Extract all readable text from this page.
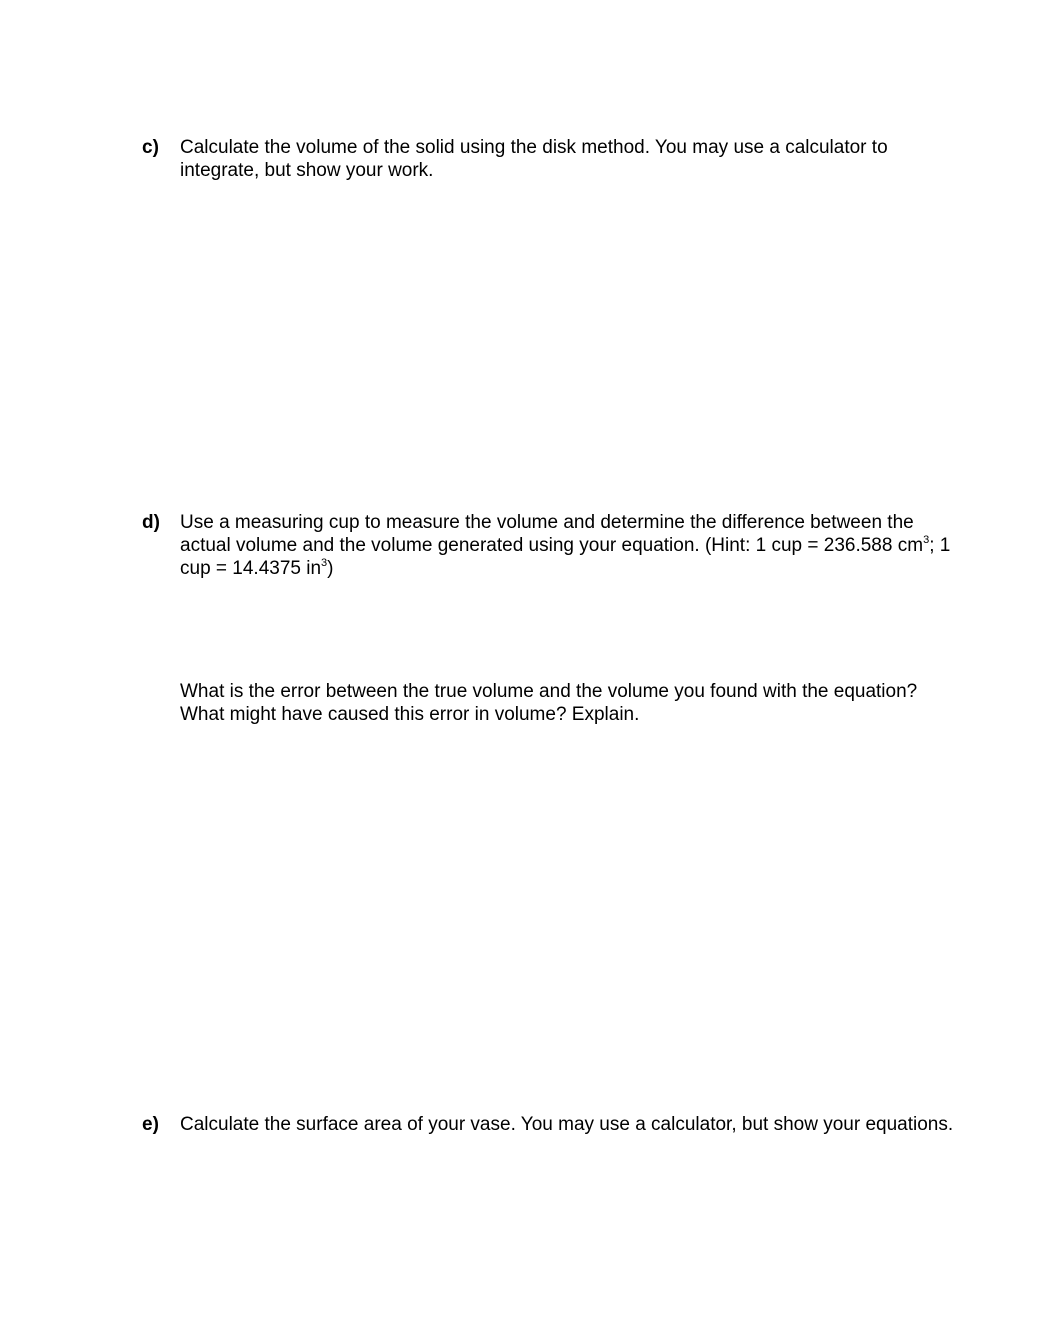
c) Calculate the volume of the solid using the disk method. You may use a calculator to
integrate, but show your work.
d) Use a measuring cup to measure the volume and determine the difference between the
actual volume and the volume generated using your equation. (Hint: 1 cup = 236.588 $cm^3$; 1
cup = 14.4375 $in^3$)
What is the error between the true volume and the volume you found with the equation?
What might have caused this error in volume? Explain.
e) Calculate the surface area of your vase. You may use a calculator, but show your equations.
